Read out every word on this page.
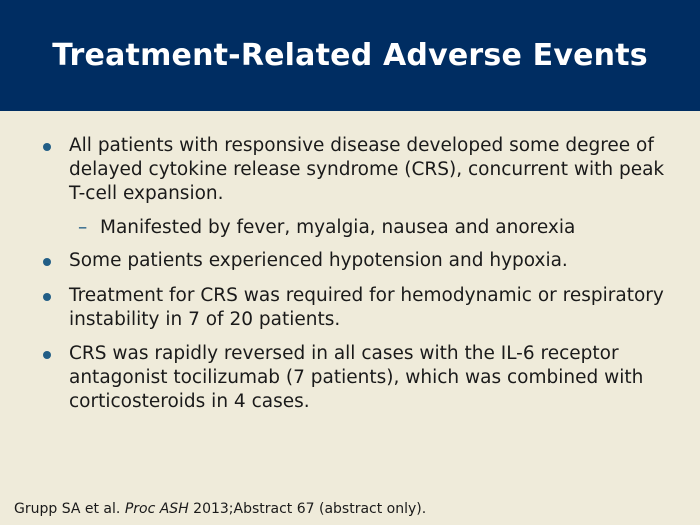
Treatment-Related Adverse Events
All patients with responsive disease developed some degree of delayed cytokine release syndrome (CRS), concurrent with peak T-cell expansion.
– Manifested by fever, myalgia, nausea and anorexia
Some patients experienced hypotension and hypoxia.
Treatment for CRS was required for hemodynamic or respiratory instability in 7 of 20 patients.
CRS was rapidly reversed in all cases with the IL-6 receptor antagonist tocilizumab (7 patients), which was combined with corticosteroids in 4 cases.
Grupp SA et al. Proc ASH 2013;Abstract 67 (abstract only).
